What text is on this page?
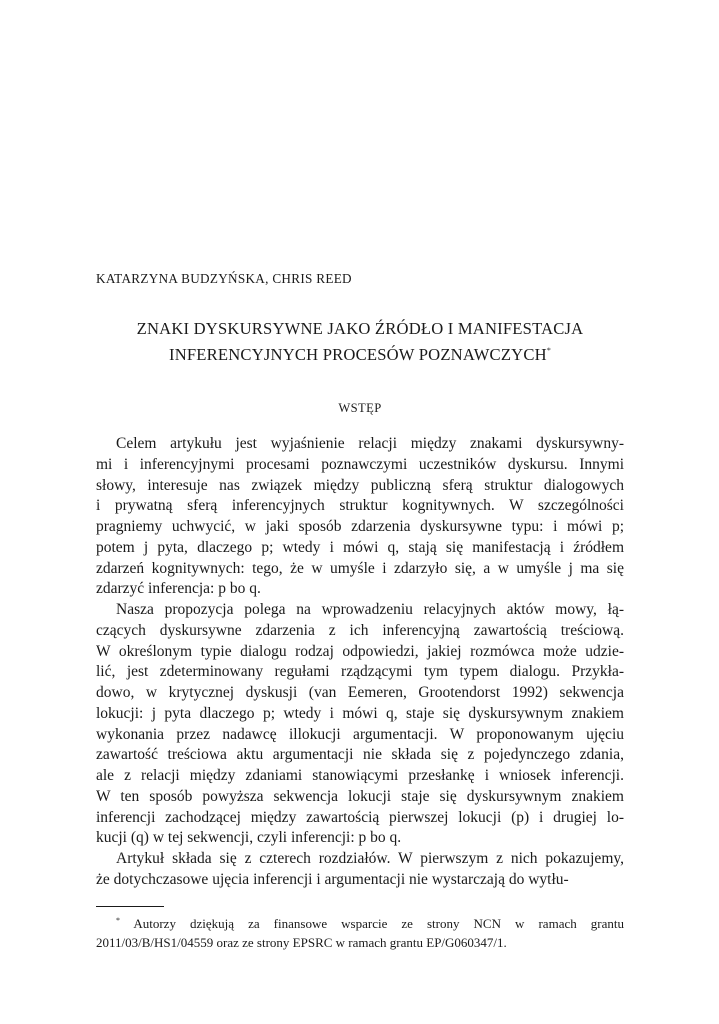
KATARZYNA BUDZYŃSKA, CHRIS REED
ZNAKI DYSKURSYWNE JAKO ŹRÓDŁO I MANIFESTACJA
INFERENCYJNYCH PROCESÓW POZNAWCZYCH*
WSTĘP
Celem artykułu jest wyjaśnienie relacji między znakami dyskursywny-
mi i inferencyjnymi procesami poznawczymi uczestników dyskursu. Innymi
słowy, interesuje nas związek między publiczną sferą struktur dialogowych
i prywatną sferą inferencyjnych struktur kognitywnych. W szczególności
pragniemy uchwycić, w jaki sposób zdarzenia dyskursywne typu: i mówi p;
potem j pyta, dlaczego p; wtedy i mówi q, stają się manifestacją i źródłem
zdarzeń kognitywnych: tego, że w umyśle i zdarzyło się, a w umyśle j ma się
zdarzyć inferencja: p bo q.
Nasza propozycja polega na wprowadzeniu relacyjnych aktów mowy, łą-
czących dyskursywne zdarzenia z ich inferencyjną zawartością treściową.
W określonym typie dialogu rodzaj odpowiedzi, jakiej rozmówca może udzie-
lić, jest zdeterminowany regułami rządzącymi tym typem dialogu. Przykła-
dowo, w krytycznej dyskusji (van Eemeren, Grootendorst 1992) sekwencja
lokucji: j pyta dlaczego p; wtedy i mówi q, staje się dyskursywnym znakiem
wykonania przez nadawcę illokucji argumentacji. W proponowanym ujęciu
zawartość treściowa aktu argumentacji nie składa się z pojedynczego zdania,
ale z relacji między zdaniami stanowiącymi przesłankę i wniosek inferencji.
W ten sposób powyższa sekwencja lokucji staje się dyskursywnym znakiem
inferencji zachodzącej między zawartością pierwszej lokucji (p) i drugiej lo-
kucji (q) w tej sekwencji, czyli inferencji: p bo q.
Artykuł składa się z czterech rozdziałów. W pierwszym z nich pokazujemy,
że dotychczasowe ujęcia inferencji i argumentacji nie wystarczają do wytłu-
* Autorzy dziękują za finansowe wsparcie ze strony NCN w ramach grantu
2011/03/B/HS1/04559 oraz ze strony EPSRC w ramach grantu EP/G060347/1.
